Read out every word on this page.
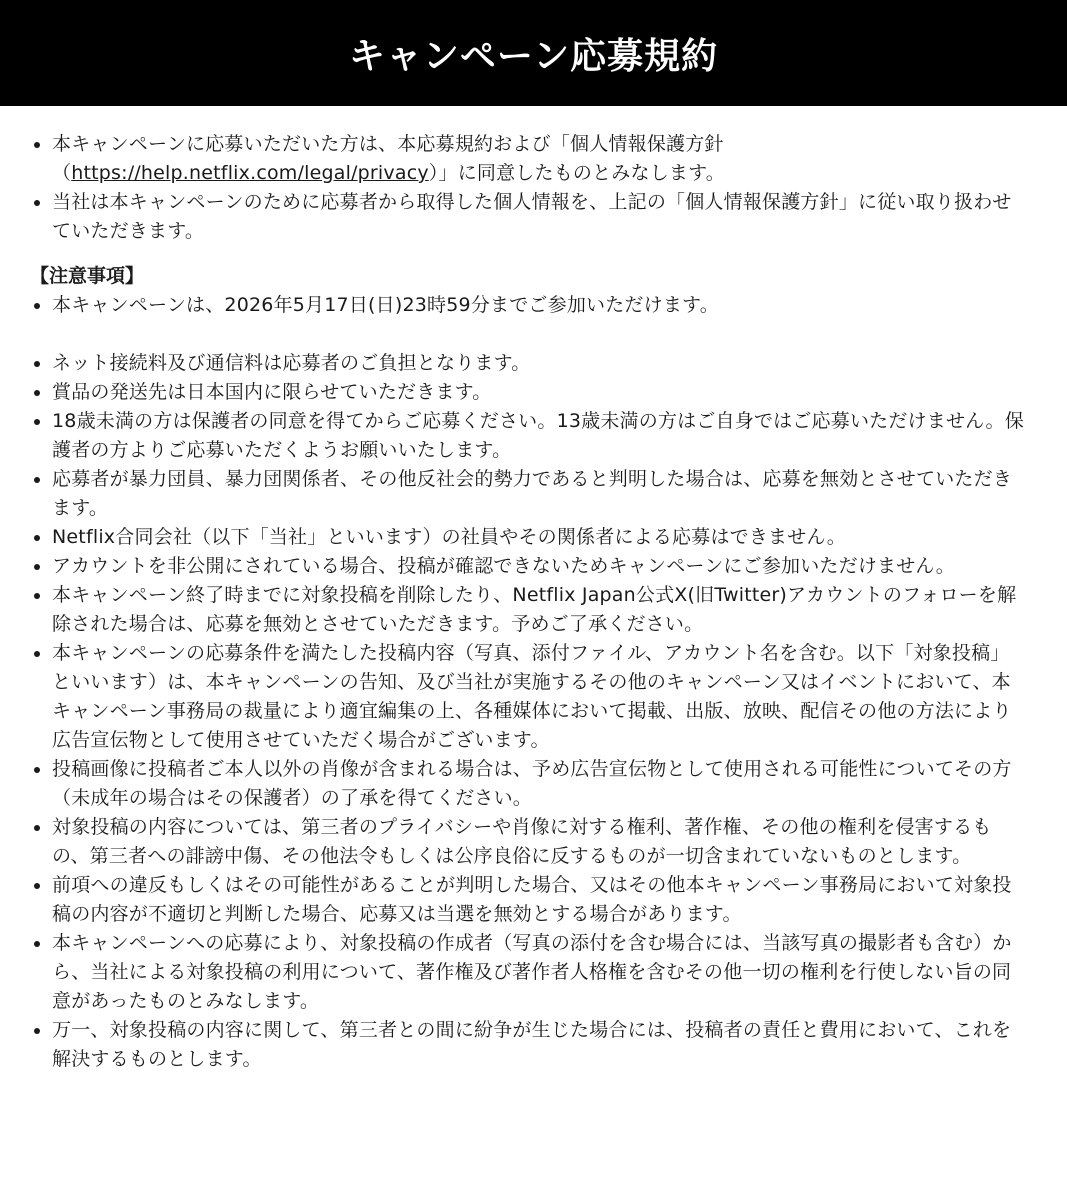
キャンペーン応募規約
本キャンペーンに応募いただいた方は、本応募規約および「個人情報保護方針（https://help.netflix.com/legal/privacy）」に同意したものとみなします。
当社は本キャンペーンのために応募者から取得した個人情報を、上記の「個人情報保護方針」に従い取り扱わせていただきます。
【注意事項】
本キャンペーンは、2026年5月17日(日)23時59分までご参加いただけます。
ネット接続料及び通信料は応募者のご負担となります。
賞品の発送先は日本国内に限らせていただきます。
18歳未満の方は保護者の同意を得てからご応募ください。13歳未満の方はご自身ではご応募いただけません。保護者の方よりご応募いただくようお願いいたします。
応募者が暴力団員、暴力団関係者、その他反社会的勢力であると判明した場合は、応募を無効とさせていただきます。
Netflix合同会社（以下「当社」といいます）の社員やその関係者による応募はできません。
アカウントを非公開にされている場合、投稿が確認できないためキャンペーンにご参加いただけません。
本キャンペーン終了時までに対象投稿を削除したり、Netflix Japan公式X(旧Twitter)アカウントのフォローを解除された場合は、応募を無効とさせていただきます。予めご了承ください。
本キャンペーンの応募条件を満たした投稿内容（写真、添付ファイル、アカウント名を含む。以下「対象投稿」といいます）は、本キャンペーンの告知、及び当社が実施するその他のキャンペーン又はイベントにおいて、本キャンペーン事務局の裁量により適宜編集の上、各種媒体において掲載、出版、放映、配信その他の方法により広告宣伝物として使用させていただく場合がございます。
投稿画像に投稿者ご本人以外の肖像が含まれる場合は、予め広告宣伝物として使用される可能性についてその方（未成年の場合はその保護者）の了承を得てください。
対象投稿の内容については、第三者のプライバシーや肖像に対する権利、著作権、その他の権利を侵害するもの、第三者への誹謗中傷、その他法令もしくは公序良俗に反するものが一切含まれていないものとします。
前項への違反もしくはその可能性があることが判明した場合、又はその他本キャンペーン事務局において対象投稿の内容が不適切と判断した場合、応募又は当選を無効とする場合があります。
本キャンペーンへの応募により、対象投稿の作成者（写真の添付を含む場合には、当該写真の撮影者も含む）から、当社による対象投稿の利用について、著作権及び著作者人格権を含むその他一切の権利を行使しない旨の同意があったものとみなします。
万一、対象投稿の内容に関して、第三者との間に紛争が生じた場合には、投稿者の責任と費用において、これを解決するものとします。
